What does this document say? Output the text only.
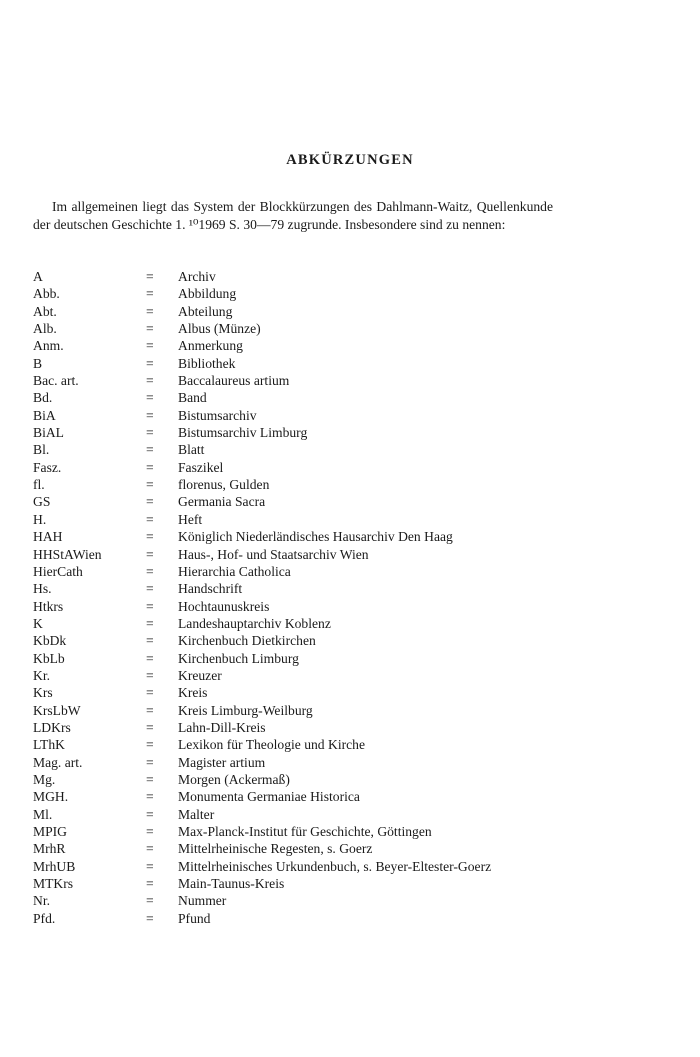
ABKÜRZUNGEN

Im allgemeinen liegt das System der Blockkürzungen des Dahlmann-Waitz, Quellenkunde der deutschen Geschichte 1. ¹⁰1969 S. 30—79 zugrunde. Insbesondere sind zu nennen:

A	=	Archiv
Abb.	=	Abbildung
Abt.	=	Abteilung
Alb.	=	Albus (Münze)
Anm.	=	Anmerkung
B	=	Bibliothek
Bac. art.	=	Baccalaureus artium
Bd.	=	Band
BiA	=	Bistumsarchiv
BiAL	=	Bistumsarchiv Limburg
Bl.	=	Blatt
Fasz.	=	Faszikel
fl.	=	florenus, Gulden
GS	=	Germania Sacra
H.	=	Heft
HAH	=	Königlich Niederländisches Hausarchiv Den Haag
HHStAWien	=	Haus-, Hof- und Staatsarchiv Wien
HierCath	=	Hierarchia Catholica
Hs.	=	Handschrift
Htkrs	=	Hochtaunuskreis
K	=	Landeshauptarchiv Koblenz
KbDk	=	Kirchenbuch Dietkirchen
KbLb	=	Kirchenbuch Limburg
Kr.	=	Kreuzer
Krs	=	Kreis
KrsLbW	=	Kreis Limburg-Weilburg
LDKrs	=	Lahn-Dill-Kreis
LThK	=	Lexikon für Theologie und Kirche
Mag. art.	=	Magister artium
Mg.	=	Morgen (Ackermaß)
MGH.	=	Monumenta Germaniae Historica
Ml.	=	Malter
MPIG	=	Max-Planck-Institut für Geschichte, Göttingen
MrhR	=	Mittelrheinische Regesten, s. Goerz
MrhUB	=	Mittelrheinisches Urkundenbuch, s. Beyer-Eltester-Goerz
MTKrs	=	Main-Taunus-Kreis
Nr.	=	Nummer
Pfd.	=	Pfund
